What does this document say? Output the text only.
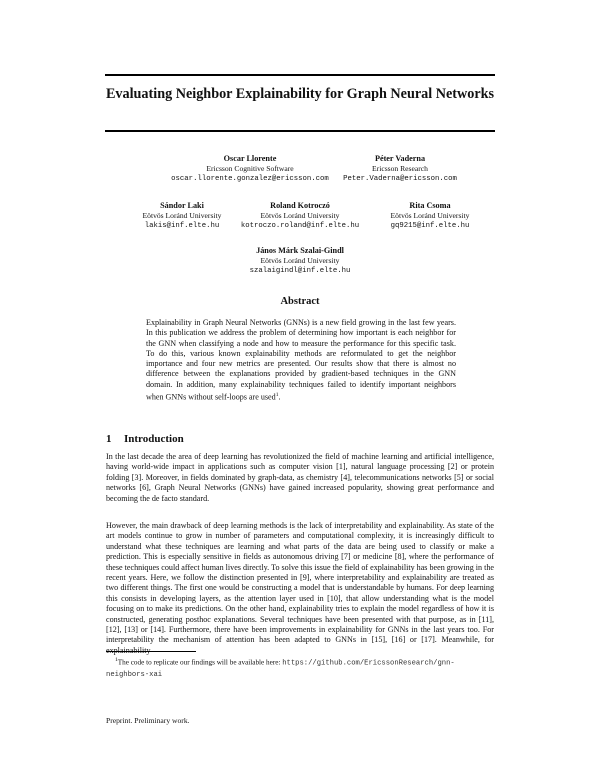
Evaluating Neighbor Explainability for Graph Neural Networks
Oscar Llorente
Ericsson Cognitive Software
oscar.llorente.gonzalez@ericsson.com
Péter Vaderna
Ericsson Research
Peter.Vaderna@ericsson.com
Sándor Laki
Eötvös Loránd University
lakis@inf.elte.hu
Roland Kotroczó
Eötvös Loránd University
kotroczo.roland@inf.elte.hu
Rita Csoma
Eötvös Loránd University
gq9215@inf.elte.hu
János Márk Szalai-Gindl
Eötvös Loránd University
szalaigindl@inf.elte.hu
Abstract
Explainability in Graph Neural Networks (GNNs) is a new field growing in the last few years. In this publication we address the problem of determining how important is each neighbor for the GNN when classifying a node and how to measure the performance for this specific task. To do this, various known explainability methods are reformulated to get the neighbor importance and four new metrics are presented. Our results show that there is almost no difference between the explanations provided by gradient-based techniques in the GNN domain. In addition, many explainability techniques failed to identify important neighbors when GNNs without self-loops are used$^1$.
1 Introduction
In the last decade the area of deep learning has revolutionized the field of machine learning and artificial intelligence, having world-wide impact in applications such as computer vision [1], natural language processing [2] or protein folding [3]. Moreover, in fields dominated by graph-data, as chemistry [4], telecommunications networks [5] or social networks [6], Graph Neural Networks (GNNs) have gained increased popularity, showing great performance and becoming the de facto standard.
However, the main drawback of deep learning methods is the lack of interpretability and explainability. As state of the art models continue to grow in number of parameters and computational complexity, it is increasingly difficult to understand what these techniques are learning and what parts of the data are being used to classify or make a prediction. This is especially sensitive in fields as autonomous driving [7] or medicine [8], where the performance of these techniques could affect human lives directly. To solve this issue the field of explainability has been growing in the recent years. Here, we follow the distinction presented in [9], where interpretability and explainability are treated as two different things. The first one would be constructing a model that is understandable by humans. For deep learning this consists in developing layers, as the attention layer used in [10], that allow understanding what is the model focusing on to make its predictions. On the other hand, explainability tries to explain the model regardless of how it is constructed, generating posthoc explanations. Several techniques have been presented with that purpose, as in [11], [12], [13] or [14]. Furthermore, there have been improvements in explainability for GNNs in the last years too. For interpretability the mechanism of attention has been adapted to GNNs in [15], [16] or [17]. Meanwhile, for
$^1$The code to replicate our findings will be available here: https://github.com/EricssonResearch/gnn-neighbors-xai
Preprint. Preliminary work.
